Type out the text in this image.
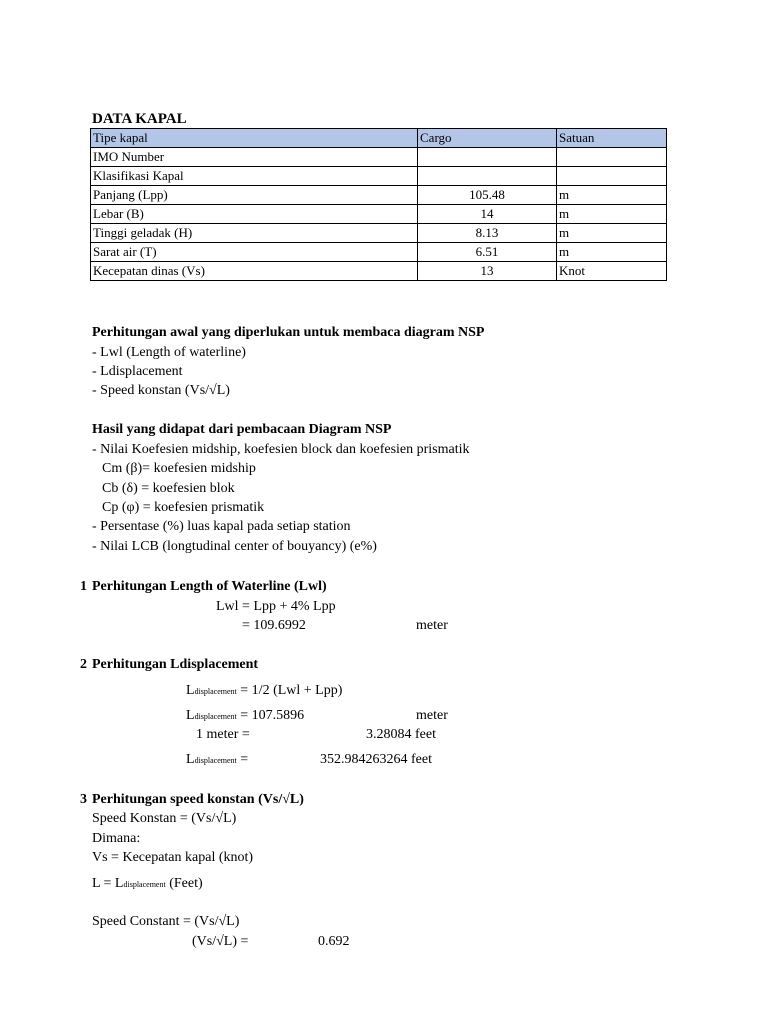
DATA KAPAL
Tipe kapal	Cargo	Satuan
IMO Number		
Klasifikasi Kapal		
Panjang (Lpp)	105.48	m
Lebar (B)	14	m
Tinggi geladak (H)	8.13	m
Sarat air (T)	6.51	m
Kecepatan dinas (Vs)	13	Knot
Perhitungan awal yang diperlukan untuk membaca diagram NSP
- Lwl (Length of waterline)
- Ldisplacement
- Speed konstan (Vs/√L)
Hasil yang didapat dari pembacaan Diagram NSP
- Nilai Koefesien midship, koefesien block dan koefesien prismatik
Cm (β)= koefesien midship
Cb (δ) = koefesien blok
Cp (φ) = koefesien prismatik
- Persentase (%) luas kapal pada setiap station
- Nilai LCB (longtudinal center of bouyancy) (e%)
1 Perhitungan Length of Waterline (Lwl)
Lwl = Lpp + 4% Lpp
= 109.6992	meter
2 Perhitungan Ldisplacement
Ldisplacement = 1/2 (Lwl + Lpp)
Ldisplacement = 107.5896	meter
1 meter =	3.28084 feet
Ldisplacement =	352.984263264 feet
3 Perhitungan speed konstan (Vs/√L)
Speed Konstan = (Vs/√L)
Dimana:
Vs = Kecepatan kapal (knot)
L = Ldisplacement (Feet)
Speed Constant = (Vs/√L)
(Vs/√L) =	0.692
